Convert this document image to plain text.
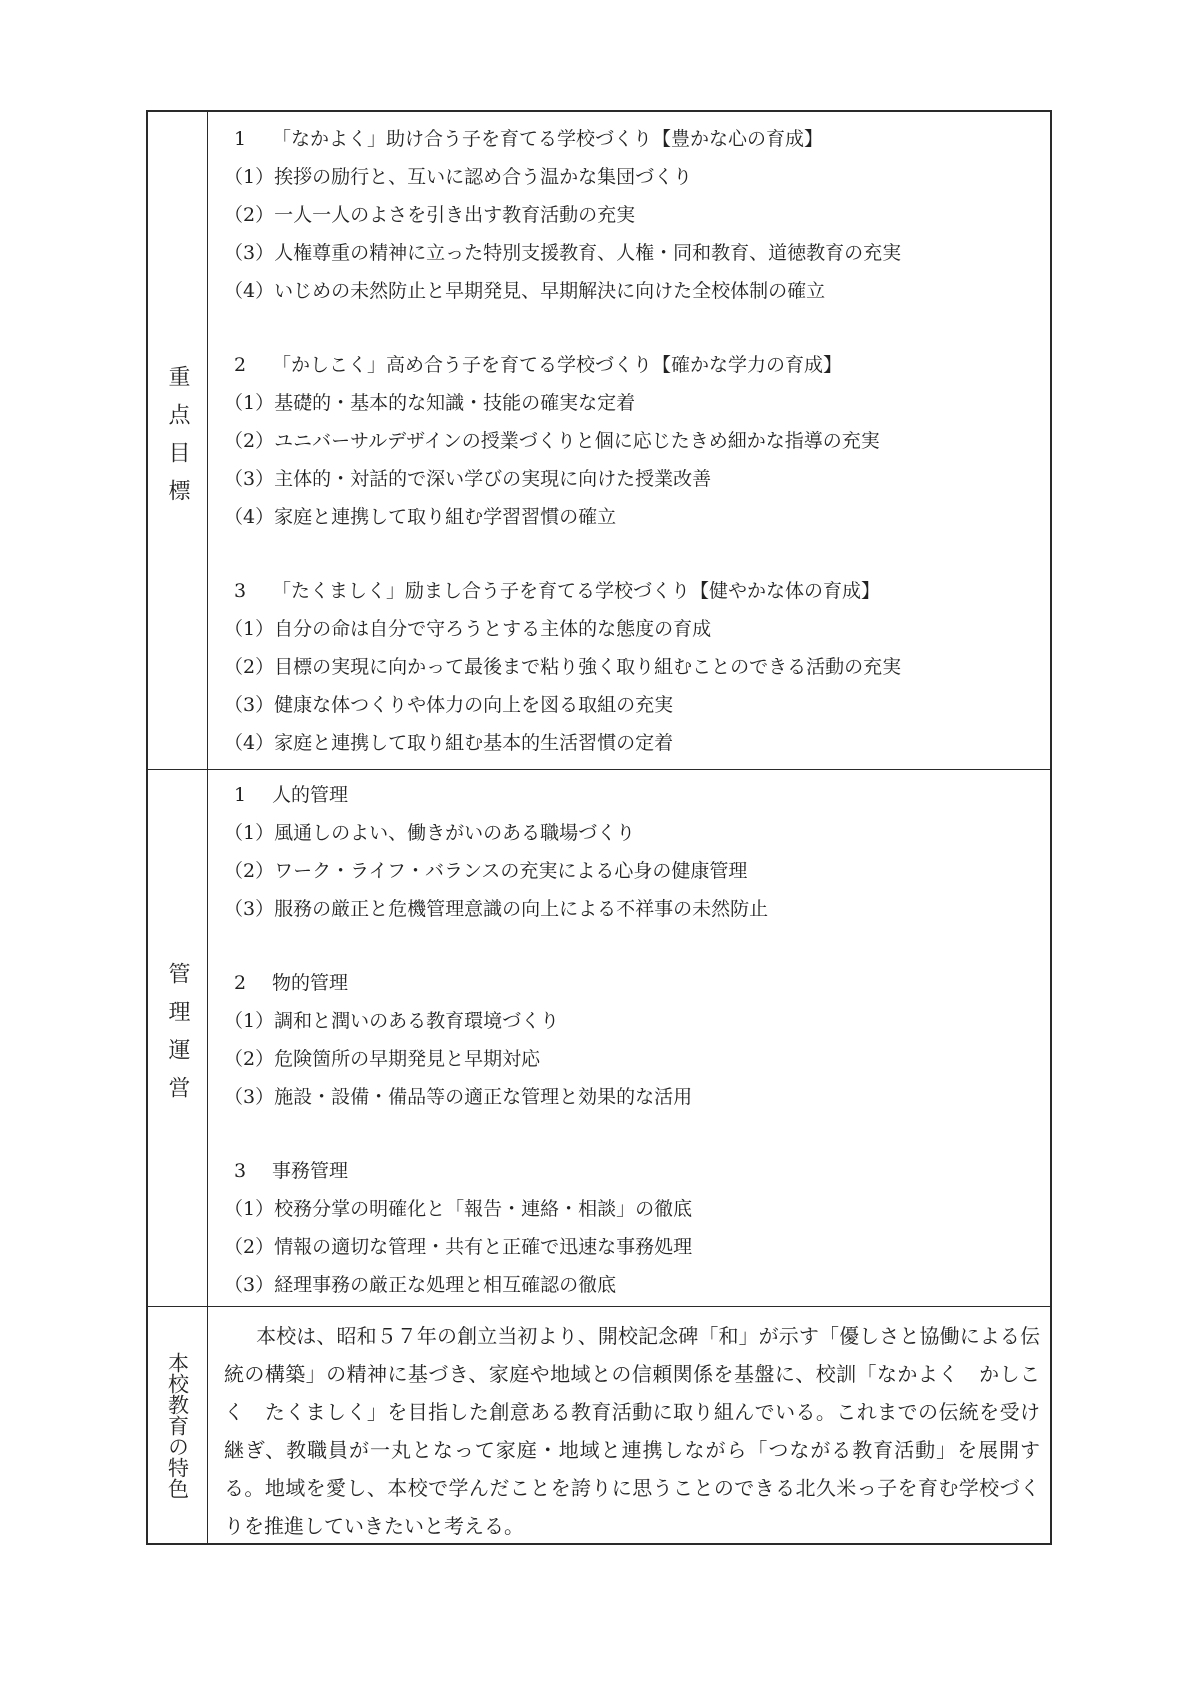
重点目標
1 「なかよく」助け合う子を育てる学校づくり【豊かな心の育成】
（1）挨拶の励行と、互いに認め合う温かな集団づくり
（2）一人一人のよさを引き出す教育活動の充実
（3）人権尊重の精神に立った特別支援教育、人権・同和教育、道徳教育の充実
（4）いじめの未然防止と早期発見、早期解決に向けた全校体制の確立
2 「かしこく」高め合う子を育てる学校づくり【確かな学力の育成】
（1）基礎的・基本的な知識・技能の確実な定着
（2）ユニバーサルデザインの授業づくりと個に応じたきめ細かな指導の充実
（3）主体的・対話的で深い学びの実現に向けた授業改善
（4）家庭と連携して取り組む学習習慣の確立
3 「たくましく」励まし合う子を育てる学校づくり【健やかな体の育成】
（1）自分の命は自分で守ろうとする主体的な態度の育成
（2）目標の実現に向かって最後まで粘り強く取り組むことのできる活動の充実
（3）健康な体つくりや体力の向上を図る取組の充実
（4）家庭と連携して取り組む基本的生活習慣の定着
管理運営
1 人的管理
（1）風通しのよい、働きがいのある職場づくり
（2）ワーク・ライフ・バランスの充実による心身の健康管理
（3）服務の厳正と危機管理意識の向上による不祥事の未然防止
2 物的管理
（1）調和と潤いのある教育環境づくり
（2）危険箇所の早期発見と早期対応
（3）施設・設備・備品等の適正な管理と効果的な活用
3 事務管理
（1）校務分掌の明確化と「報告・連絡・相談」の徹底
（2）情報の適切な管理・共有と正確で迅速な事務処理
（3）経理事務の厳正な処理と相互確認の徹底
本校教育の特色
本校は、昭和５７年の創立当初より、開校記念碑「和」が示す「優しさと協働による伝統の構築」の精神に基づき、家庭や地域との信頼関係を基盤に、校訓「なかよく　かしこく　たくましく」を目指した創意ある教育活動に取り組んでいる。これまでの伝統を受け継ぎ、教職員が一丸となって家庭・地域と連携しながら「つながる教育活動」を展開する。地域を愛し、本校で学んだことを誇りに思うことのできる北久米っ子を育む学校づくりを推進していきたいと考える。
